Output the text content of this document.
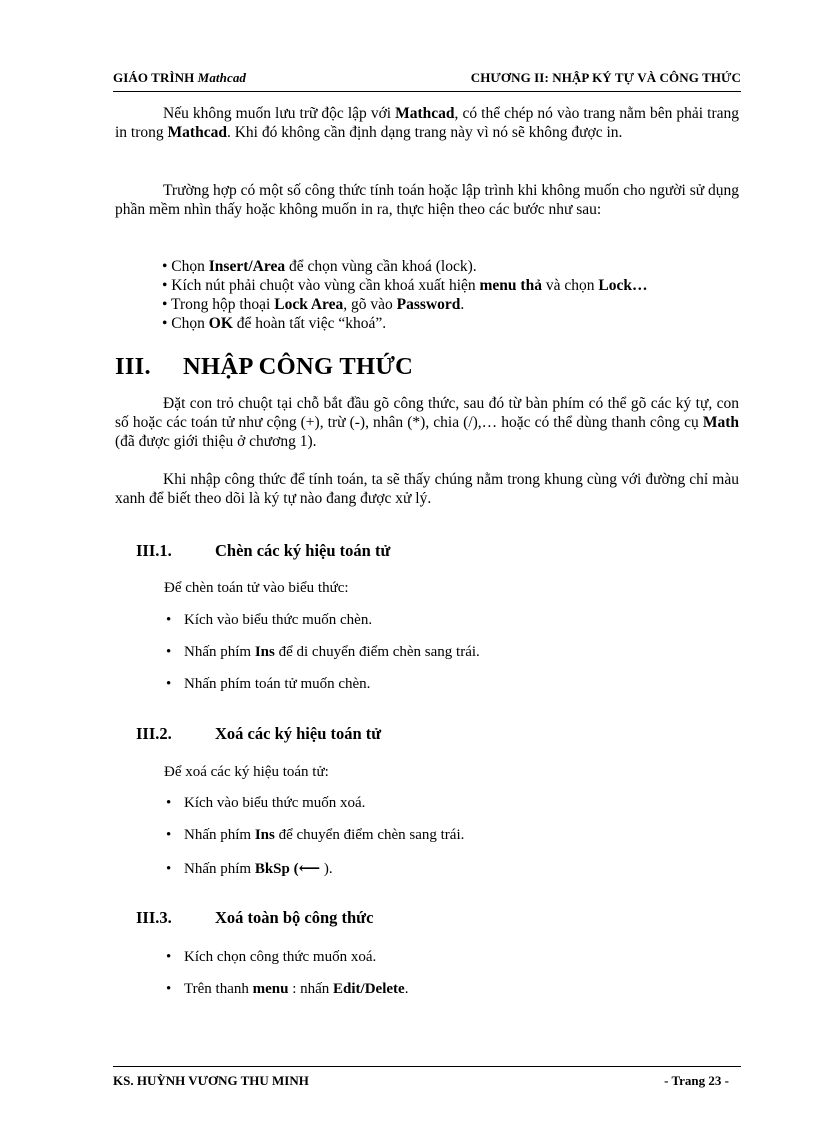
GIÁO TRÌNH Mathcad	CHƯƠNG II: NHẬP KÝ TỰ VÀ CÔNG THỨC

Nếu không muốn lưu trữ độc lập với Mathcad, có thể chép nó vào trang nằm bên phải trang in trong Mathcad. Khi đó không cần định dạng trang này vì nó sẽ không được in.

Trường hợp có một số công thức tính toán hoặc lập trình khi không muốn cho người sử dụng phần mềm nhìn thấy hoặc không muốn in ra, thực hiện theo các bước như sau:

• Chọn Insert/Area để chọn vùng cần khoá (lock).
• Kích nút phải chuột vào vùng cần khoá xuất hiện menu thả và chọn Lock…
• Trong hộp thoại Lock Area, gõ vào Password.
• Chọn OK để hoàn tất việc “khoá”.
III. NHẬP CÔNG THỨC

Đặt con trỏ chuột tại chỗ bắt đầu gõ công thức, sau đó từ bàn phím có thể gõ các ký tự, con số hoặc các toán tử như cộng (+), trừ (-), nhân (*), chia (/),… hoặc có thể dùng thanh công cụ Math (đã được giới thiệu ở chương 1).

Khi nhập công thức để tính toán, ta sẽ thấy chúng nằm trong khung cùng với đường chỉ màu xanh để biết theo dõi là ký tự nào đang được xử lý.

III.1.	Chèn các ký hiệu toán tử

Để chèn toán tử vào biểu thức:

• Kích vào biểu thức muốn chèn.
• Nhấn phím Ins để di chuyển điểm chèn sang trái.
• Nhấn phím toán tử muốn chèn.
III.2.	Xoá các ký hiệu toán tử

Để xoá các ký hiệu toán tử:

• Kích vào biểu thức muốn xoá.
• Nhấn phím Ins để chuyển điểm chèn sang trái.
• Nhấn phím BkSp (⟵ ).
III.3.	Xoá toàn bộ công thức
• Kích chọn công thức muốn xoá.
• Trên thanh menu : nhấn Edit/Delete.
KS. HUỲNH VƯƠNG THU MINH	- Trang 23 -
